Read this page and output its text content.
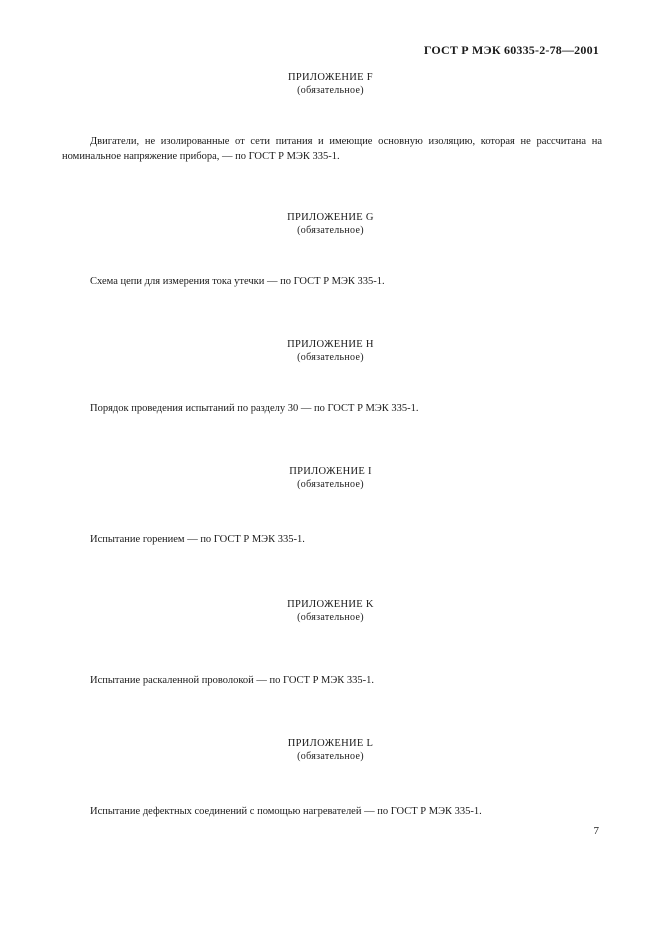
ГОСТ Р МЭК 60335-2-78—2001
ПРИЛОЖЕНИЕ F
(обязательное)
Двигатели, не изолированные от сети питания и имеющие основную изоляцию, которая не рассчитана на номинальное напряжение прибора, — по ГОСТ Р МЭК 335-1.
ПРИЛОЖЕНИЕ G
(обязательное)
Схема цепи для измерения тока утечки — по ГОСТ Р МЭК 335-1.
ПРИЛОЖЕНИЕ H
(обязательное)
Порядок проведения испытаний по разделу 30 — по ГОСТ Р МЭК 335-1.
ПРИЛОЖЕНИЕ I
(обязательное)
Испытание горением — по ГОСТ Р МЭК 335-1.
ПРИЛОЖЕНИЕ K
(обязательное)
Испытание раскаленной проволокой — по ГОСТ Р МЭК 335-1.
ПРИЛОЖЕНИЕ L
(обязательное)
Испытание дефектных соединений с помощью нагревателей — по ГОСТ Р МЭК 335-1.
7
